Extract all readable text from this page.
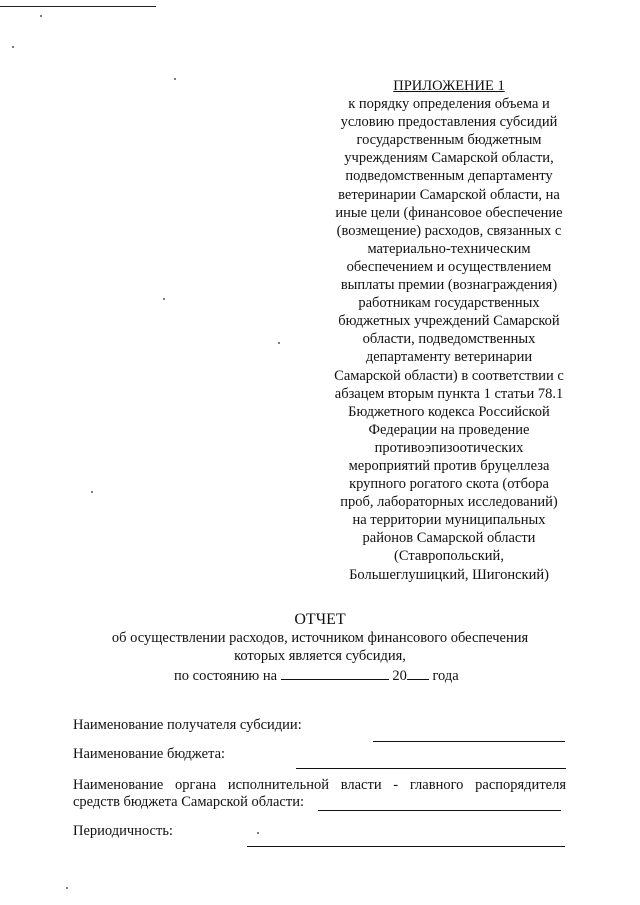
ПРИЛОЖЕНИЕ 1
к порядку определения объема и
условию предоставления субсидий
государственным бюджетным
учреждениям Самарской области,
подведомственным департаменту
ветеринарии Самарской области, на
иные цели (финансовое обеспечение
(возмещение) расходов, связанных с
материально-техническим
обеспечением и осуществлением
выплаты премии (вознаграждения)
работникам государственных
бюджетных учреждений Самарской
области, подведомственных
департаменту ветеринарии
Самарской области) в соответствии с
абзацем вторым пункта 1 статьи 78.1
Бюджетного кодекса Российской
Федерации на проведение
противоэпизоотических
мероприятий против бруцеллеза
крупного рогатого скота (отбора
проб, лабораторных исследований)
на территории муниципальных
районов Самарской области
(Ставропольский,
Большеглушицкий, Шигонский)
ОТЧЕТ
об осуществлении расходов, источником финансового обеспечения
которых является субсидия,
по состоянию на	20 года
Наименование получателя субсидии:
Наименование бюджета:
Наименование органа исполнительной власти - главного распорядителя
средств бюджета Самарской области:
Периодичность:
